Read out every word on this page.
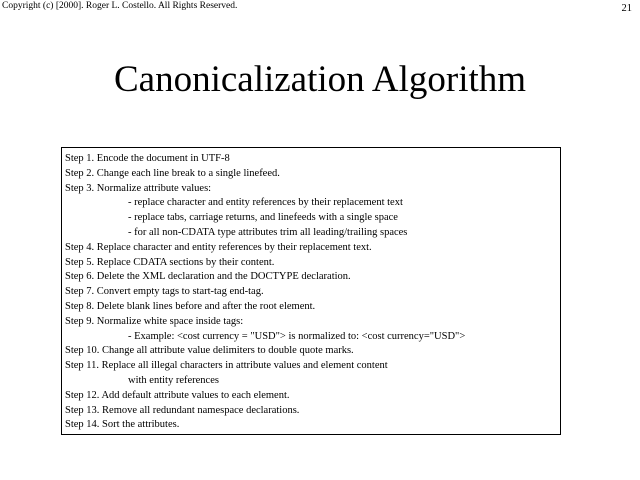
Copyright (c) [2000]. Roger L. Costello. All Rights Reserved.	21
Canonicalization Algorithm
Step 1. Encode the document in UTF-8
Step 2. Change each line break to a single linefeed.
Step 3. Normalize attribute values:
- replace character and entity references by their replacement text
- replace tabs, carriage returns, and linefeeds with a single space
- for all non-CDATA type attributes trim all leading/trailing spaces
Step 4. Replace character and entity references by their replacement text.
Step 5. Replace CDATA sections by their content.
Step 6. Delete the XML declaration and the DOCTYPE declaration.
Step 7. Convert empty tags to start-tag end-tag.
Step 8. Delete blank lines before and after the root element.
Step 9. Normalize white space inside tags:
- Example: <cost currency = "USD"> is normalized to: <cost currency="USD">
Step 10. Change all attribute value delimiters to double quote marks.
Step 11. Replace all illegal characters in attribute values and element content
with entity references
Step 12. Add default attribute values to each element.
Step 13. Remove all redundant namespace declarations.
Step 14. Sort the attributes.
